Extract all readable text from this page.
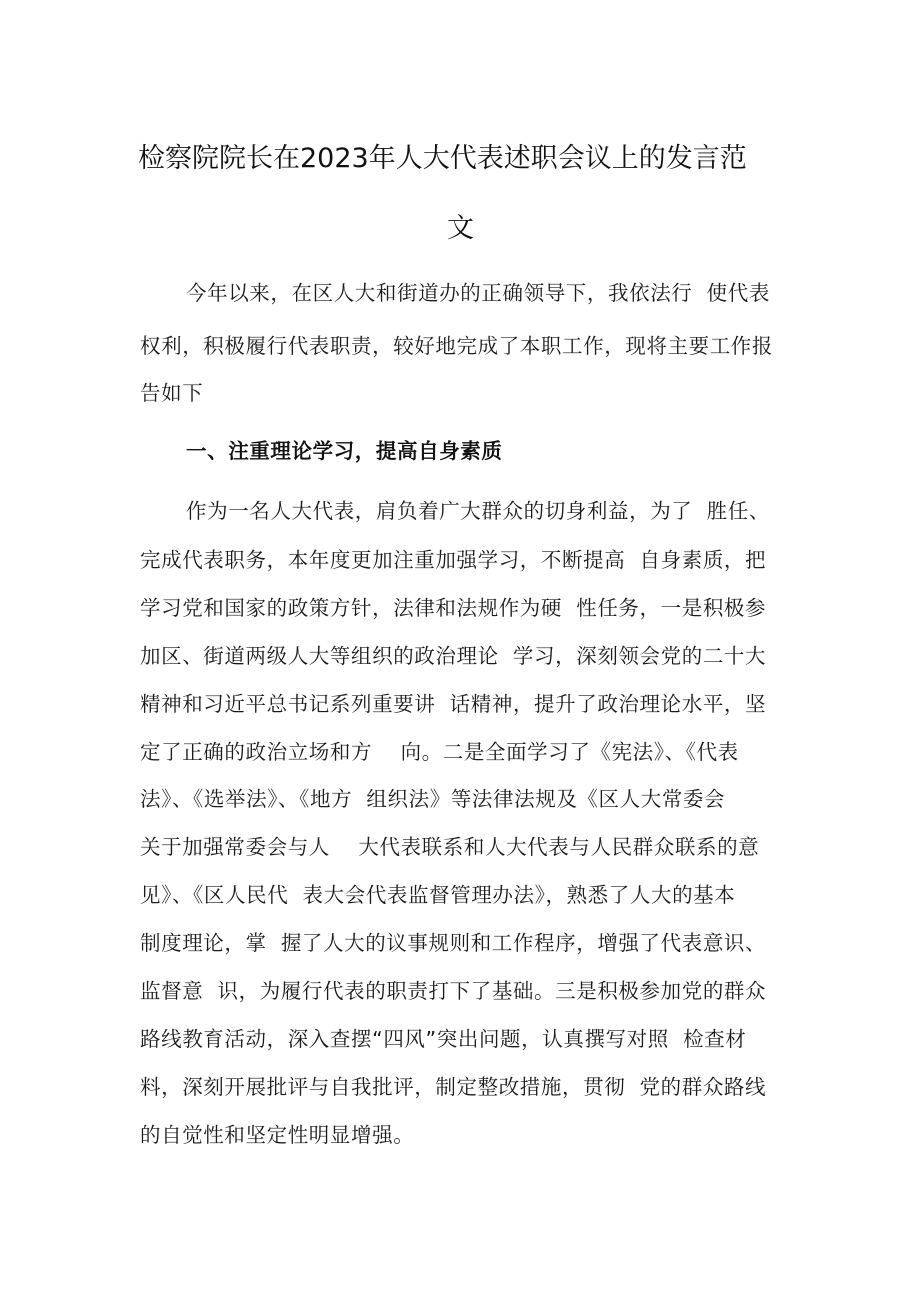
检察院院长在2023年人大代表述职会议上的发言范
文
今年以来，在区人大和街道办的正确领导下，我依法行  使代表
权利，积极履行代表职责，较好地完成了本职工作，现将主要工作报
告如下
一、注重理论学习，提高自身素质
作为一名人大代表，肩负着广大群众的切身利益，为了  胜任、
完成代表职务，本年度更加注重加强学习，不断提高  自身素质，把
学习党和国家的政策方针，法律和法规作为硬  性任务，一是积极参
加区、街道两级人大等组织的政治理论  学习，深刻领会党的二十大
精神和习近平总书记系列重要讲  话精神，提升了政治理论水平，坚
定了正确的政治立场和方    向。二是全面学习了《宪法》、《代表
法》、《选举法》、《地方  组织法》等法律法规及《区人大常委会
关于加强常委会与人    大代表联系和人大代表与人民群众联系的意
见》、《区人民代  表大会代表监督管理办法》，熟悉了人大的基本
制度理论，掌  握了人大的议事规则和工作程序，增强了代表意识、
监督意  识，为履行代表的职责打下了基础。三是积极参加党的群众
路线教育活动，深入查摆“四风”突出问题，认真撰写对照  检查材
料，深刻开展批评与自我批评，制定整改措施，贯彻  党的群众路线
的自觉性和坚定性明显增强。
